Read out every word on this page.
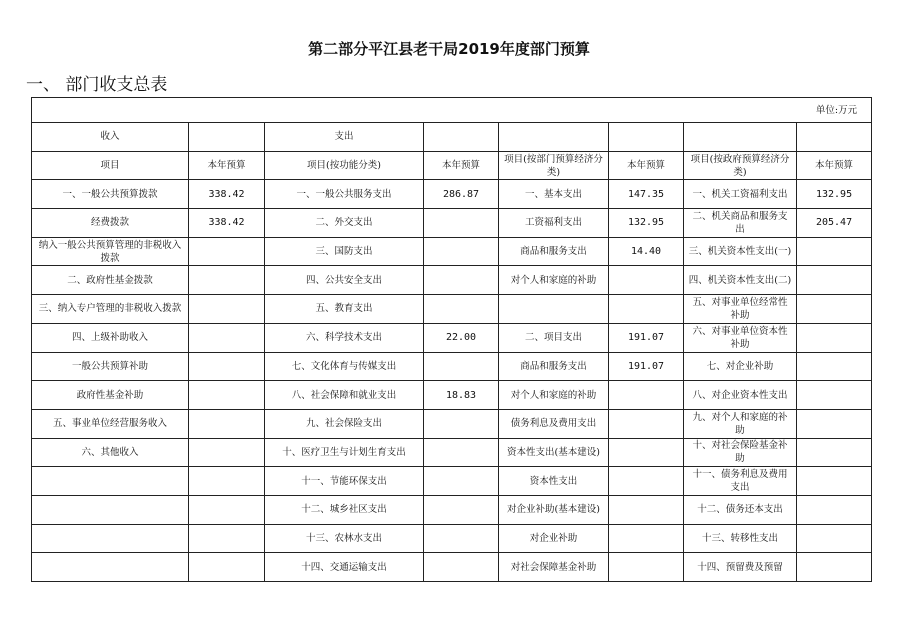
第二部分平江县老干局2019年度部门预算
一、 部门收支总表
单位:万元							
收入		支出					
项目	本年预算	项目(按功能分类)	本年预算	项目(按部门预算经济分类)	本年预算	项目(按政府预算经济分类)	本年预算
一、一般公共预算拨款	338.42	一、一般公共服务支出	286.87	一、基本支出	147.35	一、机关工资福利支出	132.95
经费拨款	338.42	二、外交支出		工资福利支出	132.95	二、机关商品和服务支出	205.47
纳入一般公共预算管理的非税收入拨款		三、国防支出		商品和服务支出	14.40	三、机关资本性支出(一)	
二、政府性基金拨款		四、公共安全支出		对个人和家庭的补助		四、机关资本性支出(二)	
三、纳入专户管理的非税收入拨款		五、教育支出				五、对事业单位经常性补助	
四、上级补助收入		六、科学技术支出	22.00	二、项目支出	191.07	六、对事业单位资本性补助	
一般公共预算补助		七、文化体育与传媒支出		商品和服务支出	191.07	七、对企业补助	
政府性基金补助		八、社会保障和就业支出	18.83	对个人和家庭的补助		八、对企业资本性支出	
五、事业单位经营服务收入		九、社会保险支出		债务利息及费用支出		九、对个人和家庭的补助	
六、其他收入		十、医疗卫生与计划生育支出		资本性支出(基本建设)		十、对社会保险基金补助	
		十一、节能环保支出		资本性支出		十一、债务利息及费用支出	
		十二、城乡社区支出		对企业补助(基本建设)		十二、债务还本支出	
		十三、农林水支出		对企业补助		十三、转移性支出	
		十四、交通运输支出		对社会保障基金补助		十四、预留费及预留	
